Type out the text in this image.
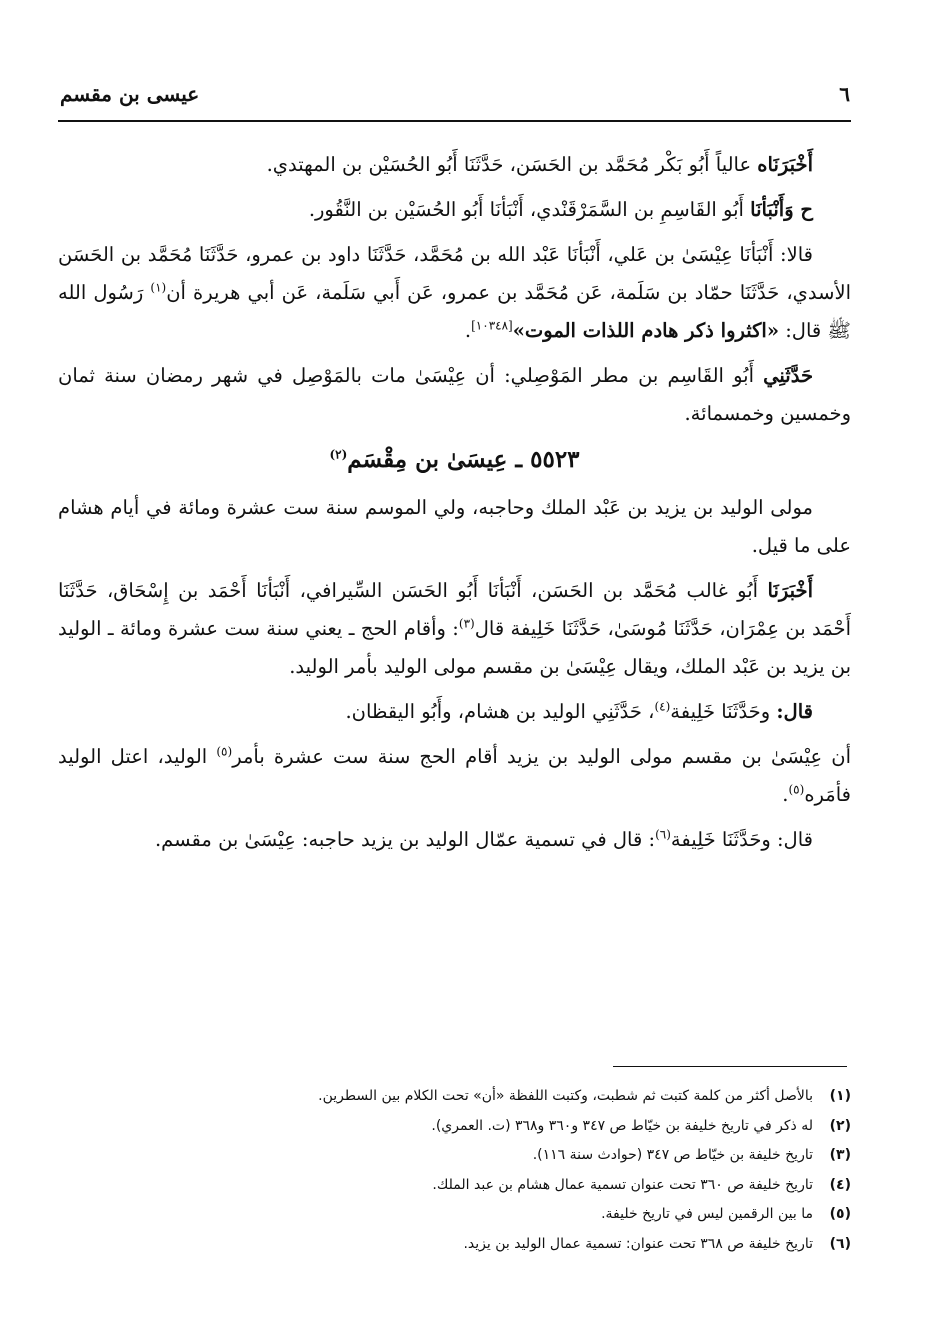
٦
عيسى بن مقسم

أَخْبَرَنَاه عالياً أَبُو بَكْر مُحَمَّد بن الحَسَن، حَدَّثَنَا أَبُو الحُسَيْن بن المهتدي.

ح وَأَنْبَأنَا أَبُو القَاسِمِ بن السَّمَرْقَنْدي، أَنْبَأنَا أَبُو الحُسَيْن بن النَّقُور.

قالا: أَنْبَأنَا عِيْسَىٰ بن عَلي، أَنْبَأنَا عَبْد الله بن مُحَمَّد، حَدَّثَنَا داود بن عمرو، حَدَّثَنَا مُحَمَّد بن الحَسَن الأسدي، حَدَّثَنَا حمّاد بن سَلَمة، عَن مُحَمَّد بن عمرو، عَن أَبي سَلَمة، عَن أبي هريرة أن$^{(١)}$ رَسُول الله ﷺ قال: «اكثروا ذكر هادم اللذات الموت»[١٠٣٤٨].

حَدَّثَنِي أَبُو القَاسِم بن مطر المَوْصِلي: أن عِيْسَىٰ مات بالمَوْصِل في شهر رمضان سنة ثمان وخمسين وخمسمائة.

٥٥٢٣ ـ عِيسَىٰ بن مِقْسَم$^{(٢)}$

مولى الوليد بن يزيد بن عَبْد الملك وحاجبه، ولي الموسم سنة ست عشرة ومائة في أيام هشام على ما قيل.

أَخْبَرَنَا أَبُو غالب مُحَمَّد بن الحَسَن، أَنْبَأنَا أَبُو الحَسَن السِّيرافي، أَنْبَأنَا أَحْمَد بن إِسْحَاق، حَدَّثَنَا أَحْمَد بن عِمْرَان، حَدَّثَنَا مُوسَىٰ، حَدَّثَنَا خَلِيفة قال$^{(٣)}$: وأقام الحج ـ يعني سنة ست عشرة ومائة ـ الوليد بن يزيد بن عَبْد الملك، ويقال عِيْسَىٰ بن مقسم مولى الوليد بأمر الوليد.

قال: وحَدَّثَنَا خَلِيفة$^{(٤)}$، حَدَّثَنِي الوليد بن هشام، وأَبُو اليقظان.

أن عِيْسَىٰ بن مقسم مولى الوليد بن يزيد أقام الحج سنة ست عشرة بأمر$^{(٥)}$ الوليد، اعتل الوليد فأمَره$^{(٥)}$.

قال: وحَدَّثَنَا خَلِيفة$^{(٦)}$: قال في تسمية عمّال الوليد بن يزيد حاجبه: عِيْسَىٰ بن مقسم.

(١)
بالأصل أكثر من كلمة كتبت ثم شطبت، وكتبت اللفظة «أن» تحت الكلام بين السطرين.
(٢)
له ذكر في تاريخ خليفة بن خيّاط ص ٣٤٧ و٣٦٠ و٣٦٨ (ت. العمري).
(٣)
تاريخ خليفة بن خيّاط ص ٣٤٧ (حوادث سنة ١١٦).
(٤)
تاريخ خليفة ص ٣٦٠ تحت عنوان تسمية عمال هشام بن عبد الملك.
(٥)
ما بين الرقمين ليس في تاريخ خليفة.
(٦)
تاريخ خليفة ص ٣٦٨ تحت عنوان: تسمية عمال الوليد بن يزيد.
